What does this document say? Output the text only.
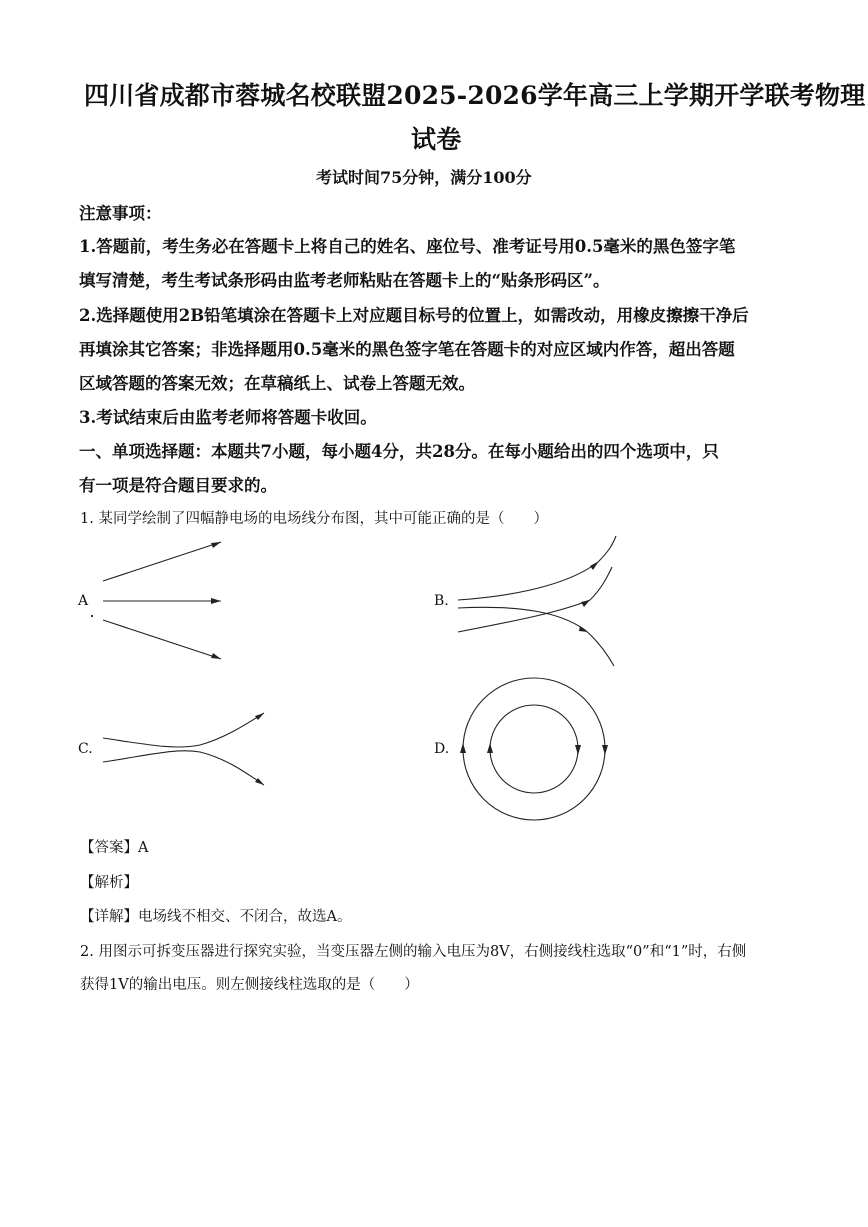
四川省成都市蓉城名校联盟2025-2026学年高三上学期开学联考物理
试卷
考试时间75分钟，满分100分
注意事项：
1.答题前，考生务必在答题卡上将自己的姓名、座位号、准考证号用0.5毫米的黑色签字笔
填写清楚，考生考试条形码由监考老师粘贴在答题卡上的“贴条形码区”。
2.选择题使用2B铅笔填涂在答题卡上对应题目标号的位置上，如需改动，用橡皮擦擦干净后
再填涂其它答案；非选择题用0.5毫米的黑色签字笔在答题卡的对应区域内作答，超出答题
区域答题的答案无效；在草稿纸上、试卷上答题无效。
3.考试结束后由监考老师将答题卡收回。
一、单项选择题：本题共7小题，每小题4分，共28分。在每小题给出的四个选项中，只
有一项是符合题目要求的。
1. 某同学绘制了四幅静电场的电场线分布图，其中可能正确的是（　　）
A	B.
C.	D.
【答案】A
【解析】
【详解】电场线不相交、不闭合，故选A。
2. 用图示可拆变压器进行探究实验，当变压器左侧的输入电压为8V，右侧接线柱选取“0”和“1”时，右侧
获得1V的输出电压。则左侧接线柱选取的是（　　）
